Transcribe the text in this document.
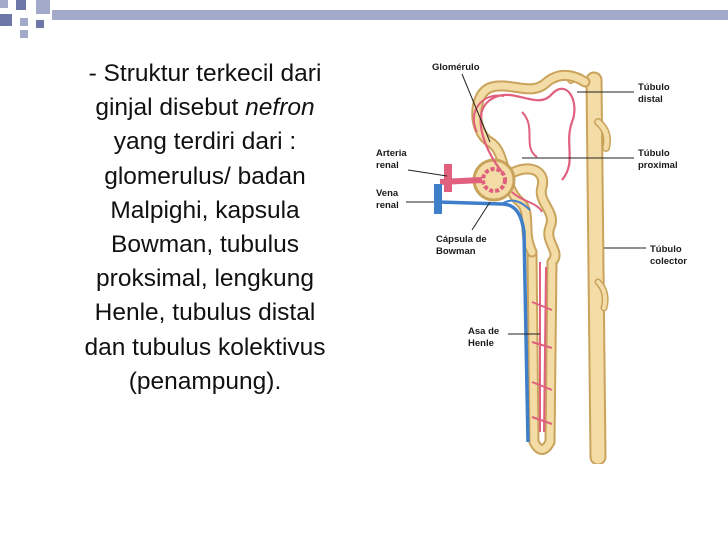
- Struktur terkecil dari
ginjal disebut nefron
yang terdiri dari :
glomerulus/ badan
Malpighi, kapsula
Bowman, tubulus
proksimal, lengkung
Henle, tubulus distal
dan tubulus kolektivus
(penampung).
Glomérulo
Túbulo
distal
Arteria
renal
Túbulo
proximal
Vena
renal
Cápsula de
Bowman	Túbulo
colector
Asa de
Henle
